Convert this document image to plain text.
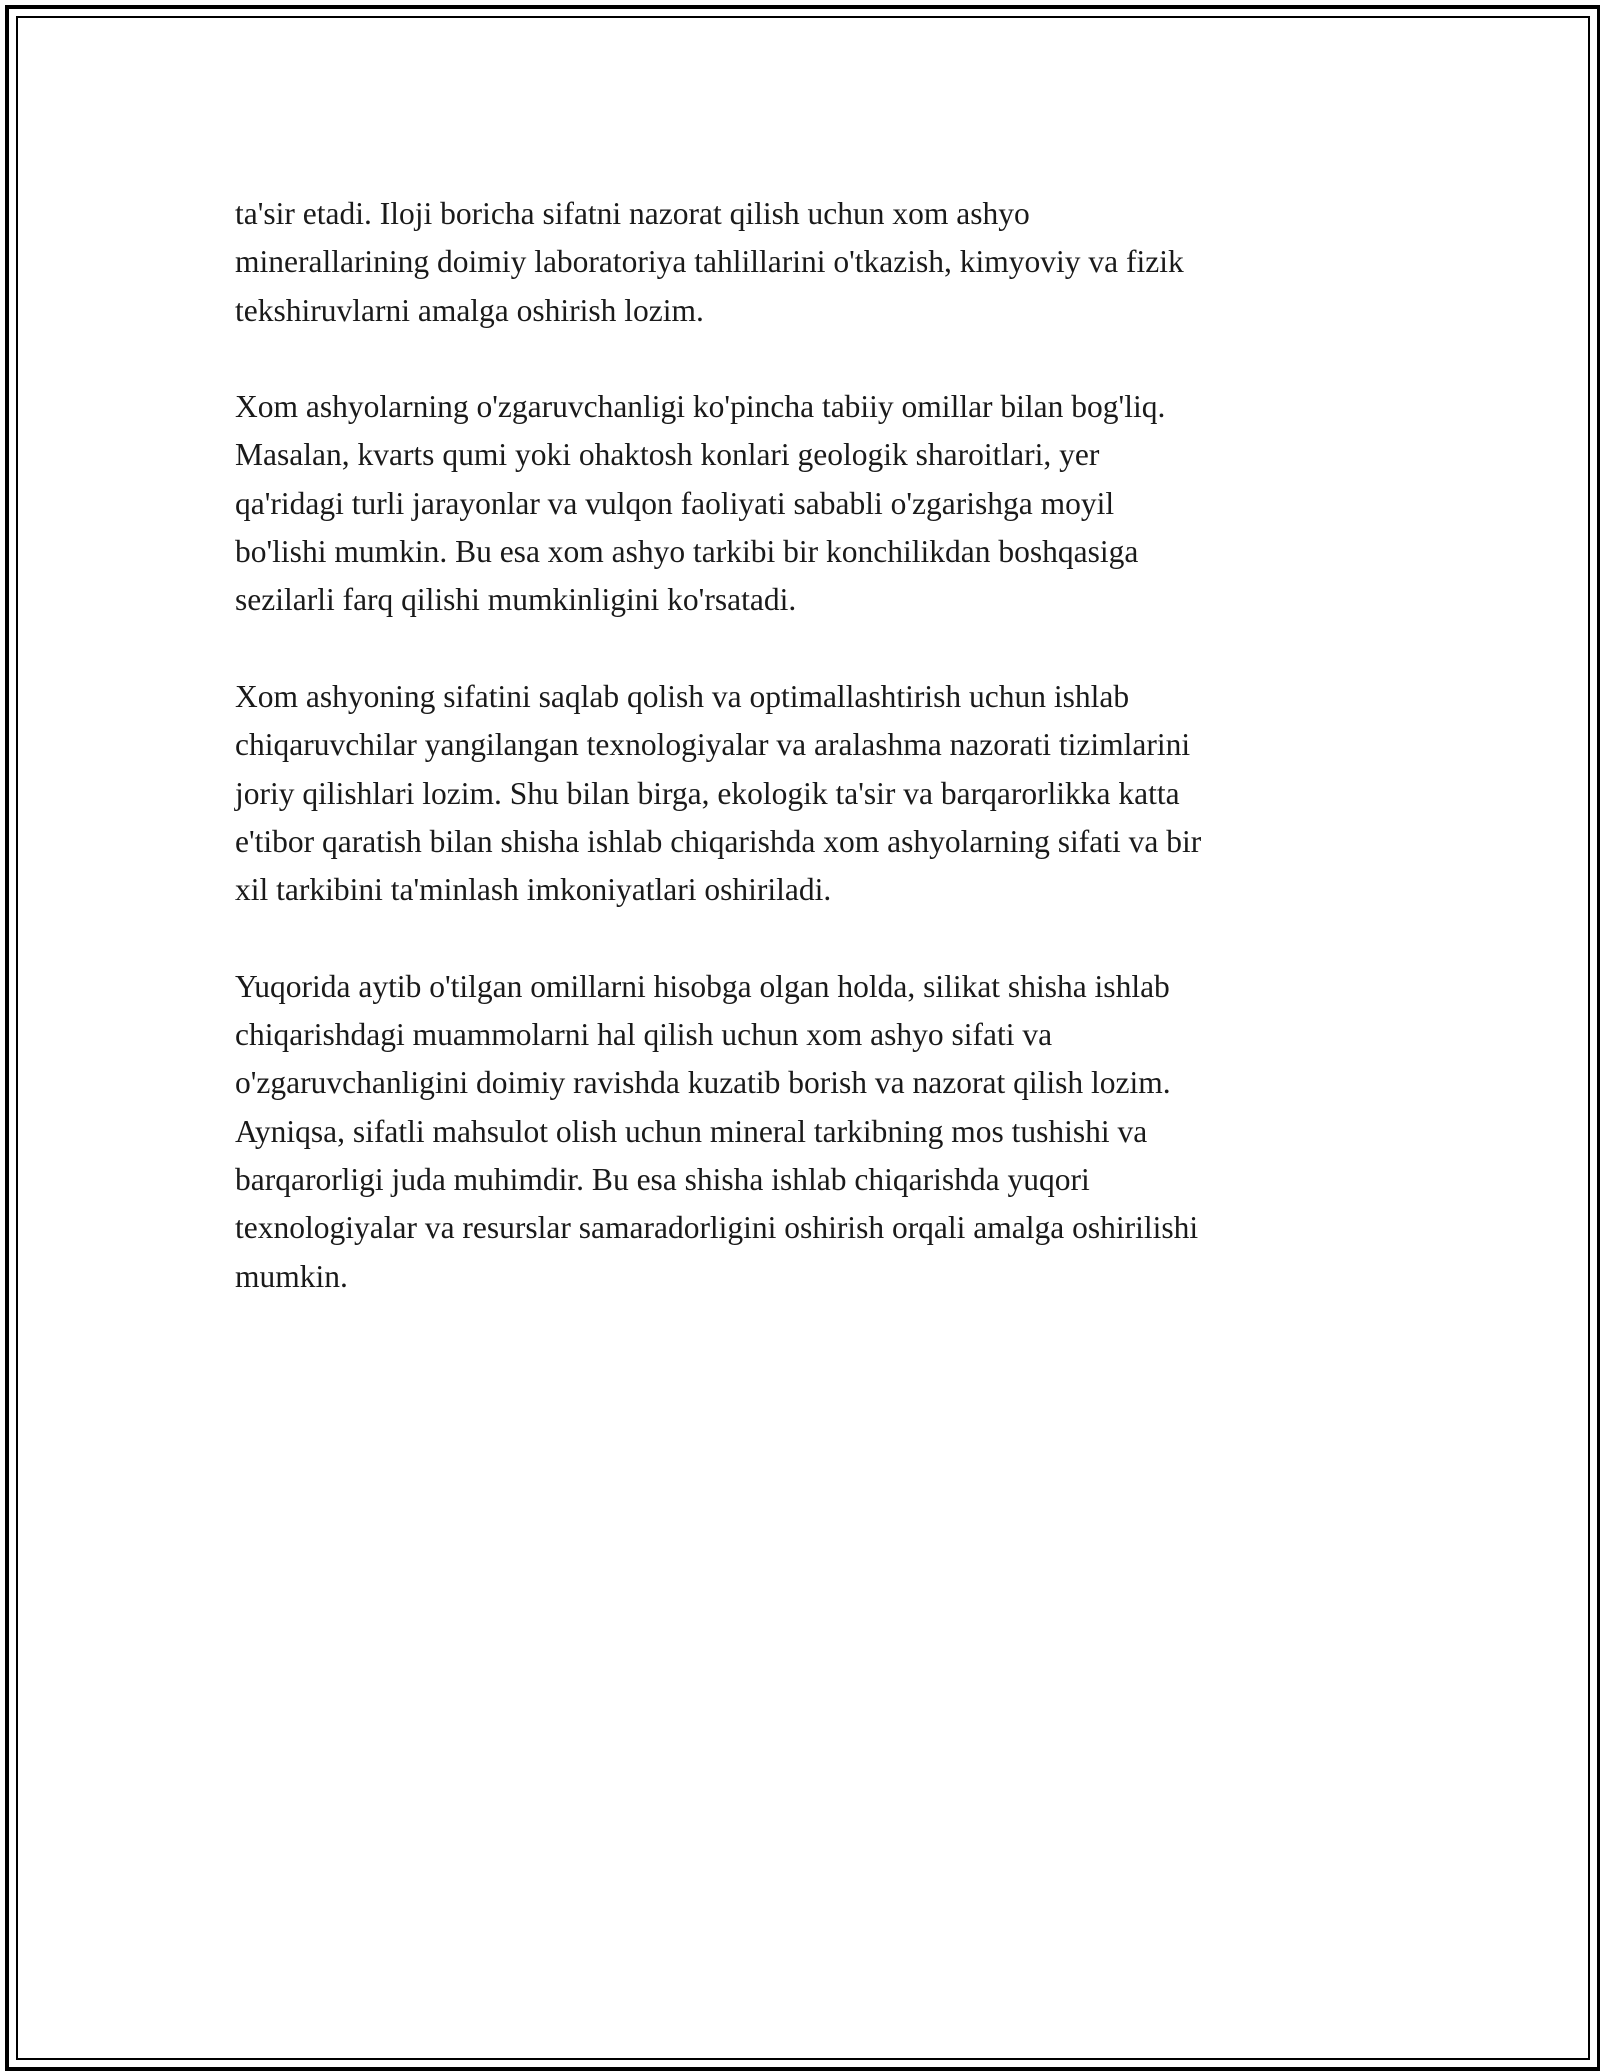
ta'sir etadi. Iloji boricha sifatni nazorat qilish uchun xom ashyo
minerallarining doimiy laboratoriya tahlillarini o'tkazish, kimyoviy va fizik
tekshiruvlarni amalga oshirish lozim.

Xom ashyolarning o'zgaruvchanligi ko'pincha tabiiy omillar bilan bog'liq.
Masalan, kvarts qumi yoki ohaktosh konlari geologik sharoitlari, yer
qa'ridagi turli jarayonlar va vulqon faoliyati sababli o'zgarishga moyil
bo'lishi mumkin. Bu esa xom ashyo tarkibi bir konchilikdan boshqasiga
sezilarli farq qilishi mumkinligini ko'rsatadi.

Xom ashyoning sifatini saqlab qolish va optimallashtirish uchun ishlab
chiqaruvchilar yangilangan texnologiyalar va aralashma nazorati tizimlarini
joriy qilishlari lozim. Shu bilan birga, ekologik ta'sir va barqarorlikka katta
e'tibor qaratish bilan shisha ishlab chiqarishda xom ashyolarning sifati va bir
xil tarkibini ta'minlash imkoniyatlari oshiriladi.

Yuqorida aytib o'tilgan omillarni hisobga olgan holda, silikat shisha ishlab
chiqarishdagi muammolarni hal qilish uchun xom ashyo sifati va
o'zgaruvchanligini doimiy ravishda kuzatib borish va nazorat qilish lozim.
Ayniqsa, sifatli mahsulot olish uchun mineral tarkibning mos tushishi va
barqarorligi juda muhimdir. Bu esa shisha ishlab chiqarishda yuqori
texnologiyalar va resurslar samaradorligini oshirish orqali amalga oshirilishi
mumkin.
